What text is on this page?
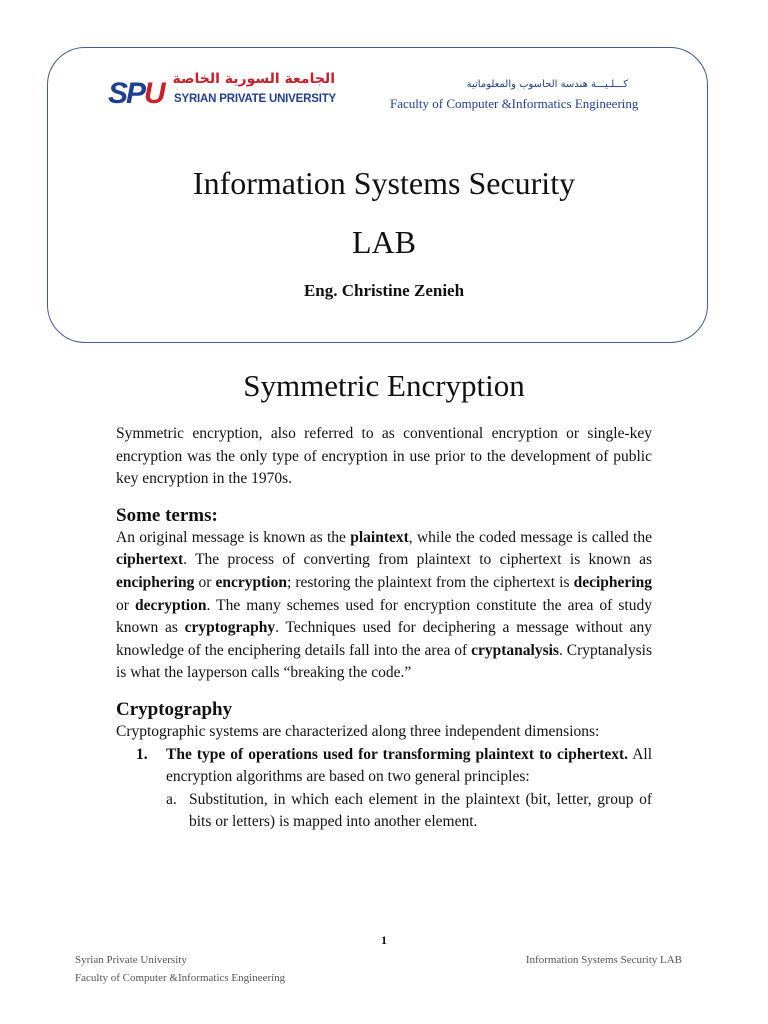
SPU الجامعة السورية الخاصة
SYRIAN PRIVATE UNIVERSITY
كـــلـيـــة هندسة الحاسوب والمعلوماتية
Faculty of Computer &Informatics Engineering
Information Systems Security
LAB
Eng. Christine Zenieh
Symmetric Encryption

Symmetric encryption, also referred to as conventional encryption or single-key encryption was the only type of encryption in use prior to the development of public key encryption in the 1970s.

Some terms:

An original message is known as the plaintext, while the coded message is called the ciphertext. The process of converting from plaintext to ciphertext is known as enciphering or encryption; restoring the plaintext from the ciphertext is deciphering or decryption. The many schemes used for encryption constitute the area of study known as cryptography. Techniques used for deciphering a message without any knowledge of the enciphering details fall into the area of cryptanalysis. Cryptanalysis is what the layperson calls “breaking the code.”

Cryptography

Cryptographic systems are characterized along three independent dimensions:

1. The type of operations used for transforming plaintext to ciphertext. All encryption algorithms are based on two general principles:
a. Substitution, in which each element in the plaintext (bit, letter, group of bits or letters) is mapped into another element.
1
Syrian Private University
Faculty of Computer &Informatics Engineering
Information Systems Security LAB
